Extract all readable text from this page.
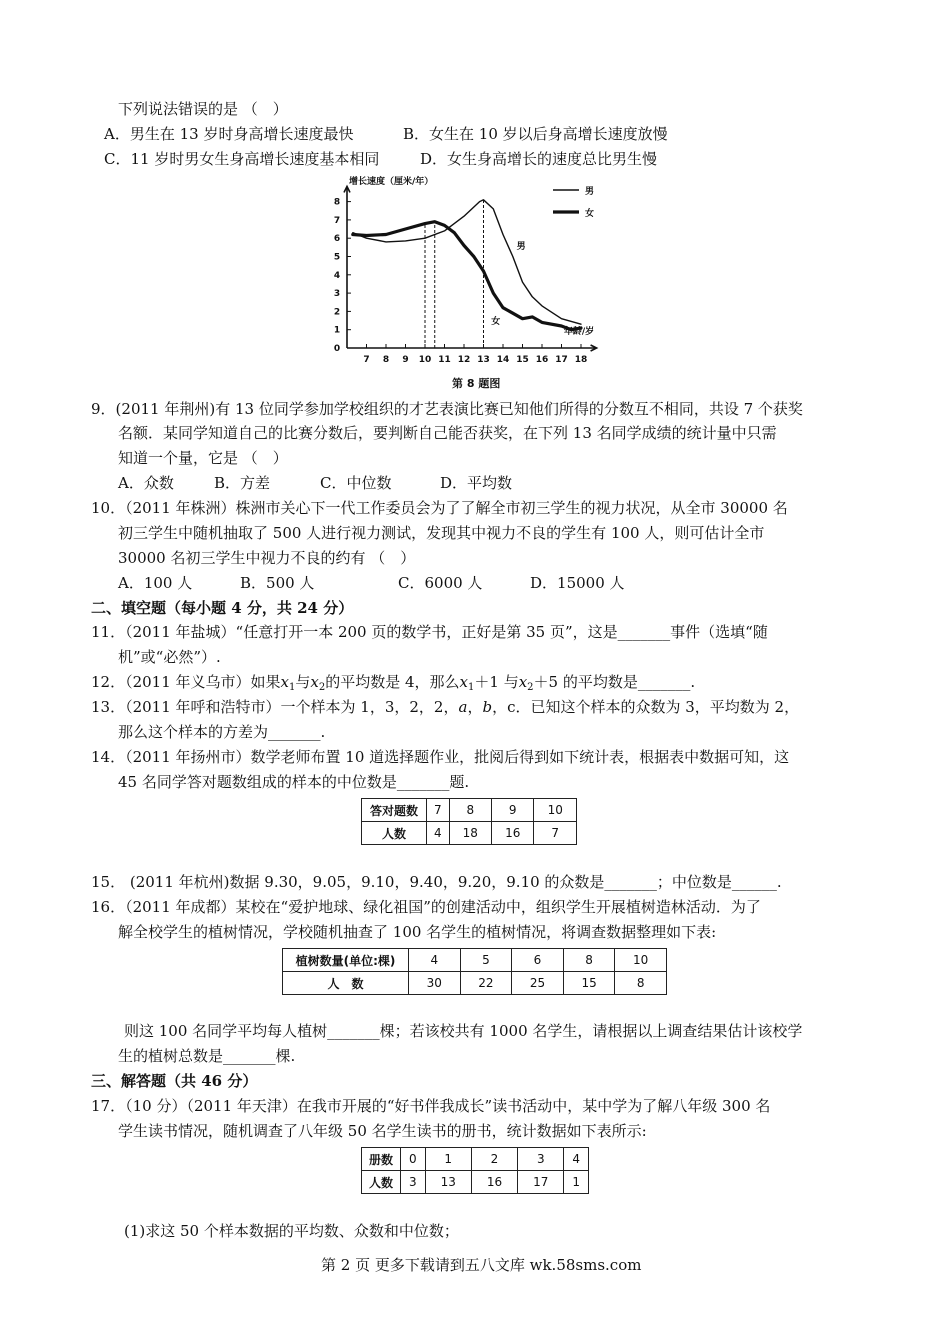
下列说法错误的是 （　）
A．男生在 13 岁时身高增长速度最快	B．女生在 10 岁以后身高增长速度放慢
C．11 岁时男女生身高增长速度基本相同	D．女生身高增长的速度总比男生慢
0
1
2
3
4
5
6
7
8
7 8 9 10 11 12 13 14 15 16 17 18
增长速度（厘米/年）
年龄/岁
男
女
男
女
第 8 题图
9．(2011 年荆州)有 13 位同学参加学校组织的才艺表演比赛已知他们所得的分数互不相同，共设 7 个获奖
名额．某同学知道自己的比赛分数后，要判断自己能否获奖，在下列 13 名同学成绩的统计量中只需
知道一个量，它是 （　）
A．众数	B．方差	C．中位数	D．平均数
10．（2011 年株洲）株洲市关心下一代工作委员会为了了解全市初三学生的视力状况，从全市 30000 名
初三学生中随机抽取了 500 人进行视力测试，发现其中视力不良的学生有 100 人，则可估计全市
30000 名初三学生中视力不良的约有 （　）
A．100 人	B．500 人	C．6000 人	D．15000 人
二、填空题（每小题 4 分，共 24 分）
11．（2011 年盐城）“任意打开一本 200 页的数学书，正好是第 35 页”，这是_______事件（选填“随
机”或“必然”）.
12．（2011 年义乌市）如果$x_1$与$x_2$的平均数是 4，那么$x_1+1$ 与$x_2+5$ 的平均数是_______.
13．（2011 年呼和浩特市）一个样本为 1，3，2，2，a，b，c．已知这个样本的众数为 3，平均数为 2，
那么这个样本的方差为_______.
14．（2011 年扬州市）数学老师布置 10 道选择题作业，批阅后得到如下统计表，根据表中数据可知，这
45 名同学答对题数组成的样本的中位数是_______题.
答对题数	7	8	9	10
人数	4	18	16	7
15． (2011 年杭州)数据 9.30，9.05，9.10，9.40，9.20，9.10 的众数是_______；中位数是______.
16．（2011 年成都）某校在“爱护地球、绿化祖国”的创建活动中，组织学生开展植树造林活动．为了
解全校学生的植树情况，学校随机抽查了 100 名学生的植树情况，将调查数据整理如下表:
植树数量(单位:棵)	4	5	6	8	10
人　数	30	22	25	15	8
则这 100 名同学平均每人植树_______棵；若该校共有 1000 名学生，请根据以上调查结果估计该校学
生的植树总数是_______棵.
三、解答题（共 46 分）
17．（10 分）（2011 年天津）在我市开展的“好书伴我成长”读书活动中，某中学为了解八年级 300 名
学生读书情况，随机调查了八年级 50 名学生读书的册书，统计数据如下表所示:
册数	0	1	2	3	4
人数	3	13	16	17	1
(1)求这 50 个样本数据的平均数、众数和中位数；
第 2 页 更多下载请到五八文库 wk.58sms.com
